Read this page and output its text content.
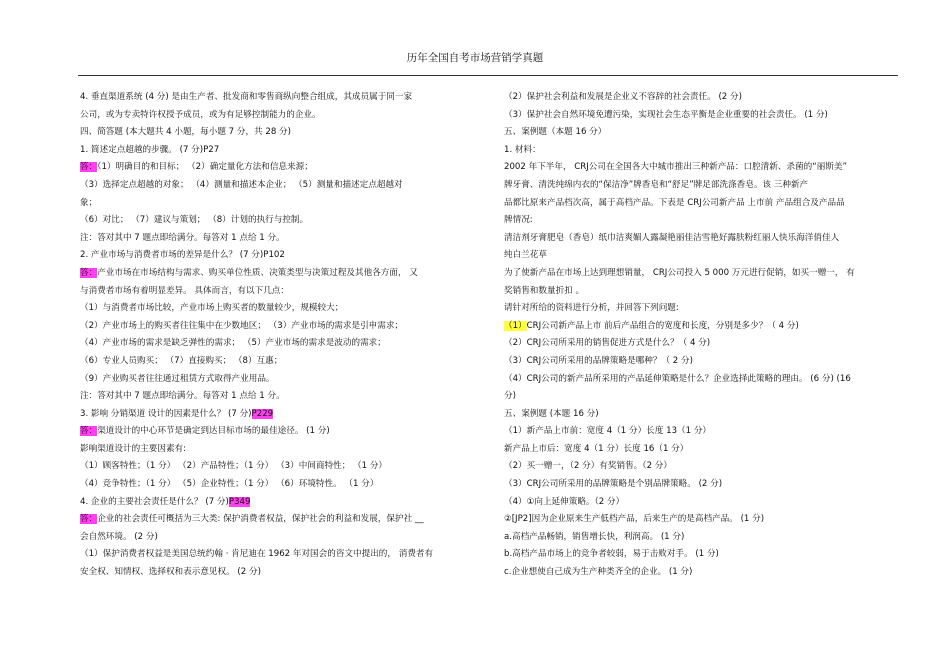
历年全国自考市场营销学真题
4. 垂直渠道系统 (4 分) 是由生产者、批发商和零售商纵向整合组成，其成员属于同一家
公司，或为专卖特许权授予成员，或为有足够控制能力的企业。
四、简答题 (本大题共 4 小题，每小题 7 分，共 28 分)
1. 简述定点超越的步骤。 (7 分)P27
答：（1）明确目的和目标； （2）确定量化方法和信息来源；
（3）选择定点超越的对象； （4）测量和描述本企业； （5）测量和描述定点超越对
象；
（6）对比； （7）建议与策划； （8）计划的执行与控制。
注：答对其中 7 题点即给满分。每答对 1 点给 1 分。
2. 产业市场与消费者市场的差异是什么？ (7 分)P102
答：产业市场在市场结构与需求、购买单位性质、决策类型与决策过程及其他各方面， 又
与消费者市场有着明显差异。 具体而言，有以下几点：
（1）与消费者市场比较，产业市场上购买者的数量较少，规模较大；
（2）产业市场上的购买者往往集中在少数地区； （3）产业市场的需求是引申需求；
（4）产业市场的需求是缺乏弹性的需求； （5）产业市场的需求是波动的需求；
（6）专业人员购买； （7）直接购买； （8）互惠；
（9）产业购买者往往通过租赁方式取得产业用品。
注：答对其中 7 题点即给满分。每答对 1 点给 1 分。
3. 影响 分销渠道 设计的因素是什么？ (7 分)P229
答：渠道设计的中心环节是确定到达目标市场的最佳途径。 (1 分)
影响渠道设计的主要因素有:
（1）顾客特性；（1 分） （2）产品特性；（1 分） （3）中间商特性； （1 分）
（4）竞争特性；（1 分） （5）企业特性；（1 分） （6）环境特性。 （1 分）
4. 企业的主要社会责任是什么？ (7 分)P349
答：企业的社会责任可概括为三大类: 保护消费者权益，保护社会的利益和发展，保护社 __
会自然环境。 (2 分)
（1）保护消费者权益是美国总统约翰 · 肯尼迪在 1962 年对国会的咨文中提出的， 消费者有
安全权、知情权、选择权和表示意见权。 (2 分)
（2）保护社会利益和发展是企业义不容辞的社会责任。 (2 分)
（3）保护社会自然环境免遭污染，实现社会生态平衡是企业重要的社会责任。 (1 分)
五、案例题（本题 16 分）
1. 材料：
2002 年下半年， CRJ公司在全国各大中城市推出三种新产品：口腔清新、杀菌的“丽斯美”
牌牙膏、清洗纯绵内衣的“保洁净”牌香皂和“舒足”牌足部洗涤香皂。该 三种新产
品都比原来产品档次高，属于高档产品。下表是 CRJ公司新产品 上市前 产品组合及产品品
牌情况:
清洁剂牙膏肥皂（香皂）纸巾洁爽媚人露凝艳丽佳洁雪艳好露肤粉红丽人快乐海洋俏佳人
纯白兰花草
为了使新产品在市场上达到理想销量， CRJ公司投入 5 000 万元进行促销，如买一赠一， 有
奖销售和数量折扣 。
请针对所给的资料进行分析，并回答下列问题:
（1）CRJ公司新产品上市 前后产品组合的宽度和长度，分别是多少？（ 4 分)
（2）CRJ公司所采用的销售促进方式是什么？（ 4 分)
（3）CRJ公司所采用的品牌策略是哪种？（ 2 分)
（4）CRJ公司的新产品所采用的产品延伸策略是什么？企业选择此策略的理由。 (6 分) (16
分)
五、案例题 (本题 16 分)
（1）新产品上市前：宽度 4（1 分）长度 13（1 分）
新产品上市后：宽度 4（1 分）长度 16（1 分）
（2）买一赠一，（2 分）有奖销售。（2 分）
（3）CRJ公司所采用的品牌策略是个别品牌策略。 (2 分)
（4）①向上延伸策略。（2 分）
②[JP2]因为企业原来生产低档产品，后来生产的是高档产品。 (1 分)
a.高档产品畅销，销售增长快，利润高。 (1 分)
b.高档产品市场上的竞争者较弱，易于击败对手。 (1 分)
c.企业想使自己成为生产种类齐全的企业。 (1 分)
